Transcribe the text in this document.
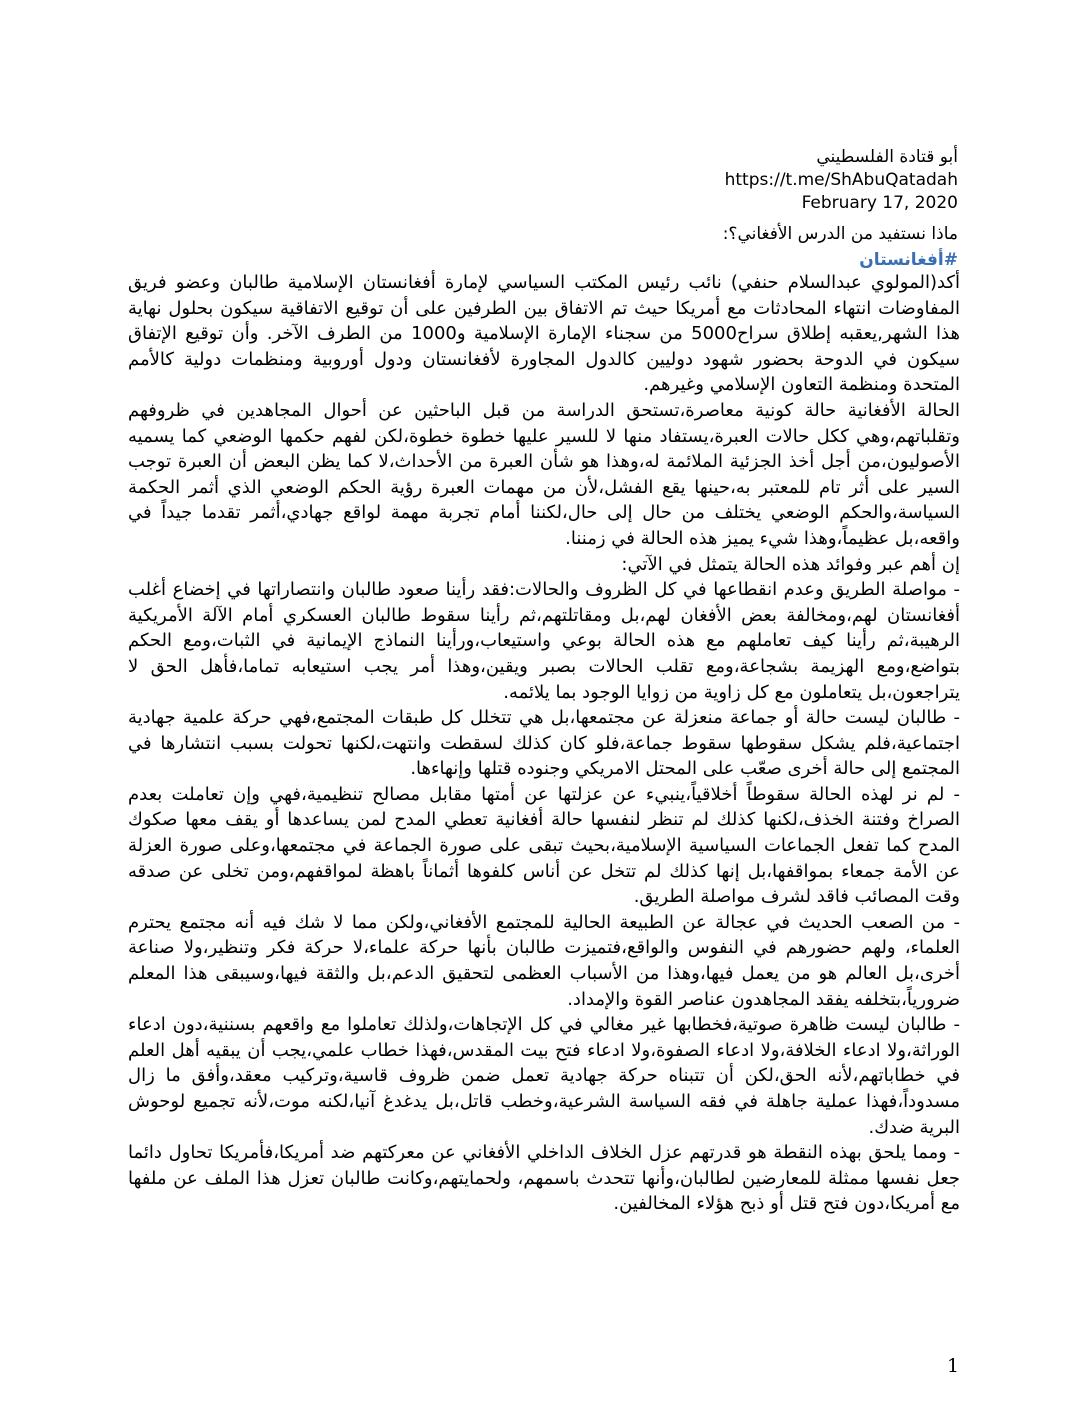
أبو قتادة الفلسطيني
https://t.me/ShAbuQatadah
February 17, 2020
ماذا نستفيد من الدرس الأفغاني؟:
#أفغانستان

أكد(المولوي عبدالسلام حنفي) نائب رئيس المكتب السياسي لإمارة أفغانستان الإسلامية طالبان وعضو فريق المفاوضات انتهاء المحادثات مع أمريكا حيث تم الاتفاق بين الطرفين على أن توقيع الاتفاقية سيكون بحلول نهاية هذا الشهر,يعقبه إطلاق سراح5000 من سجناء الإمارة الإسلامية و1000 من الطرف الآخر. وأن توقيع الإتفاق سيكون في الدوحة بحضور شهود دوليين كالدول المجاورة لأفغانستان ودول أوروبية ومنظمات دولية كالأمم المتحدة ومنظمة التعاون الإسلامي وغيرهم.

الحالة الأفغانية حالة كونية معاصرة،تستحق الدراسة من قبل الباحثين عن أحوال المجاهدين في ظروفهم وتقلباتهم،وهي ككل حالات العبرة،يستفاد منها لا للسير عليها خطوة خطوة،لكن لفهم حكمها الوضعي كما يسميه الأصوليون،من أجل أخذ الجزئية الملائمة له،وهذا هو شأن العبرة من الأحداث،لا كما يظن البعض أن العبرة توجب السير على أثر تام للمعتبر به،حينها يقع الفشل،لأن من مهمات العبرة رؤية الحكم الوضعي الذي أثمر الحكمة السياسة،والحكم الوضعي يختلف من حال إلى حال،لكننا أمام تجربة مهمة لواقع جهادي،أثمر تقدما جيداً في واقعه،بل عظيماً،وهذا شيء يميز هذه الحالة في زمننا.

إن أهم عبر وفوائد هذه الحالة يتمثل في الآتي:

- مواصلة الطريق وعدم انقطاعها في كل الظروف والحالات:فقد رأينا صعود طالبان وانتصاراتها في إخضاع أغلب أفغانستان لهم،ومخالفة بعض الأفغان لهم،بل ومقاتلتهم،ثم رأينا سقوط طالبان العسكري أمام الآلة الأمريكية الرهيبة،ثم رأينا كيف تعاملهم مع هذه الحالة بوعي واستيعاب،ورأينا النماذج الإيمانية في الثبات،ومع الحكم بتواضع،ومع الهزيمة بشجاعة،ومع تقلب الحالات بصبر ويقين،وهذا أمر يجب استيعابه تماما،فأهل الحق لا يتراجعون،بل يتعاملون مع كل زاوية من زوايا الوجود بما يلائمه.

- طالبان ليست حالة أو جماعة منعزلة عن مجتمعها،بل هي تتخلل كل طبقات المجتمع،فهي حركة علمية جهادية اجتماعية،فلم يشكل سقوطها سقوط جماعة،فلو كان كذلك لسقطت وانتهت،لكنها تحولت بسبب انتشارها في المجتمع إلى حالة أخرى صعّب على المحتل الامريكي وجنوده قتلها وإنهاءها.

- لم نر لهذه الحالة سقوطاً أخلاقياً،ينبيء عن عزلتها عن أمتها مقابل مصالح تنظيمية،فهي وإن تعاملت بعدم الصراخ وفتنة الخذف،لكنها كذلك لم تنظر لنفسها حالة أفغانية تعطي المدح لمن يساعدها أو يقف معها صكوك المدح كما تفعل الجماعات السياسية الإسلامية،بحيث تبقى على صورة الجماعة في مجتمعها،وعلى صورة العزلة عن الأمة جمعاء بمواقفها،بل إنها كذلك لم تتخل عن أناس كلفوها أثماناً باهظة لمواقفهم،ومن تخلى عن صدقه وقت المصائب فاقد لشرف مواصلة الطريق.

- من الصعب الحديث في عجالة عن الطبيعة الحالية للمجتمع الأفغاني،ولكن مما لا شك فيه أنه مجتمع يحترم العلماء، ولهم حضورهم في النفوس والواقع،فتميزت طالبان بأنها حركة علماء،لا حركة فكر وتنظير،ولا صناعة أخرى،بل العالم هو من يعمل فيها،وهذا من الأسباب العظمى لتحقيق الدعم،بل والثقة فيها،وسيبقى هذا المعلم ضرورياً،بتخلفه يفقد المجاهدون عناصر القوة والإمداد.

- طالبان ليست ظاهرة صوتية،فخطابها غير مغالي في كل الإتجاهات،ولذلك تعاملوا مع واقعهم بسننية،دون ادعاء الوراثة،ولا ادعاء الخلافة،ولا ادعاء الصفوة،ولا ادعاء فتح بيت المقدس،فهذا خطاب علمي،يجب أن يبقيه أهل العلم في خطاباتهم،لأنه الحق،لكن أن تتبناه حركة جهادية تعمل ضمن ظروف قاسية،وتركيب معقد،وأفق ما زال مسدوداً،فهذا عملية جاهلة في فقه السياسة الشرعية،وخطب قاتل،بل يدغدغ آنيا،لكنه موت،لأنه تجميع لوحوش البرية ضدك.

- ومما يلحق بهذه النقطة هو قدرتهم عزل الخلاف الداخلي الأفغاني عن معركتهم ضد أمريكا،فأمريكا تحاول دائما جعل نفسها ممثلة للمعارضين لطالبان،وأنها تتحدث باسمهم، ولحمايتهم،وكانت طالبان تعزل هذا الملف عن ملفها مع أمريكا،دون فتح قتل أو ذبح هؤلاء المخالفين.

1
